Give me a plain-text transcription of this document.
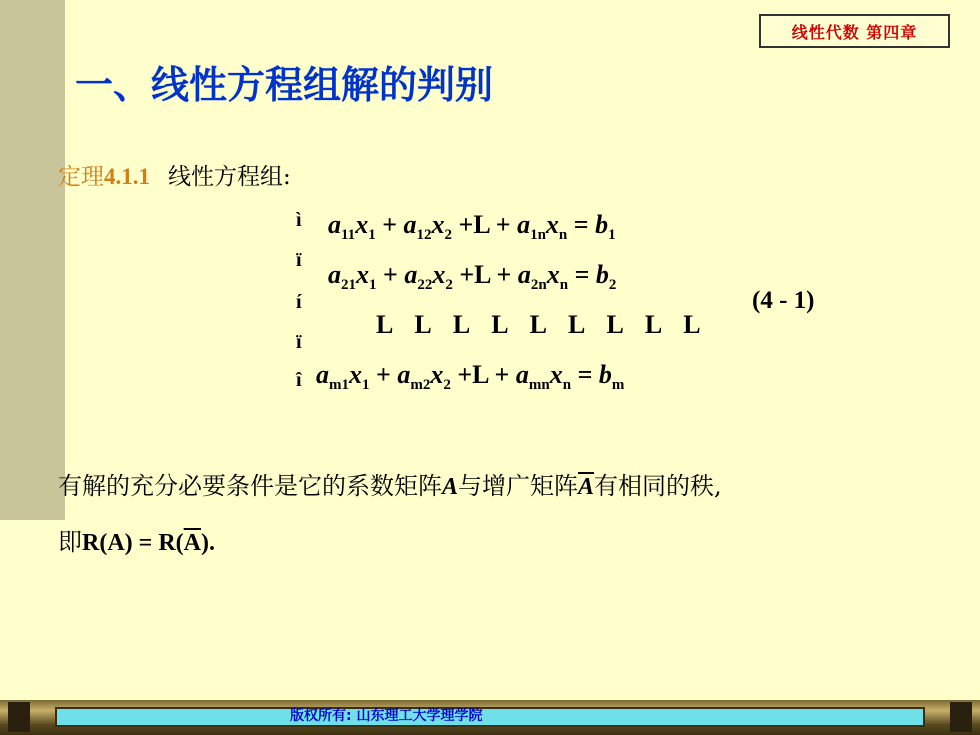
线性代数 第四章
一、线性方程组解的判别
定理4.1.1 线性方程组:
ì
ï
í
ï
î
$a_{11}x_1 + a_{12}x_2 +L + a_{1n}x_n = b_1$
$a_{21}x_1 + a_{22}x_2 +L + a_{2n}x_n = b_2$
L L L L L L L L L
$a_{m1}x_1 + a_{m2}x_2 +L + a_{mn}x_n = b_m$
(4 - 1)
有解的充分必要条件是它的系数矩阵A与增广矩阵$\overline{A}$有相同的秩,
即$R(A) = R(\overline{A})$.
版权所有: 山东理工大学理学院
